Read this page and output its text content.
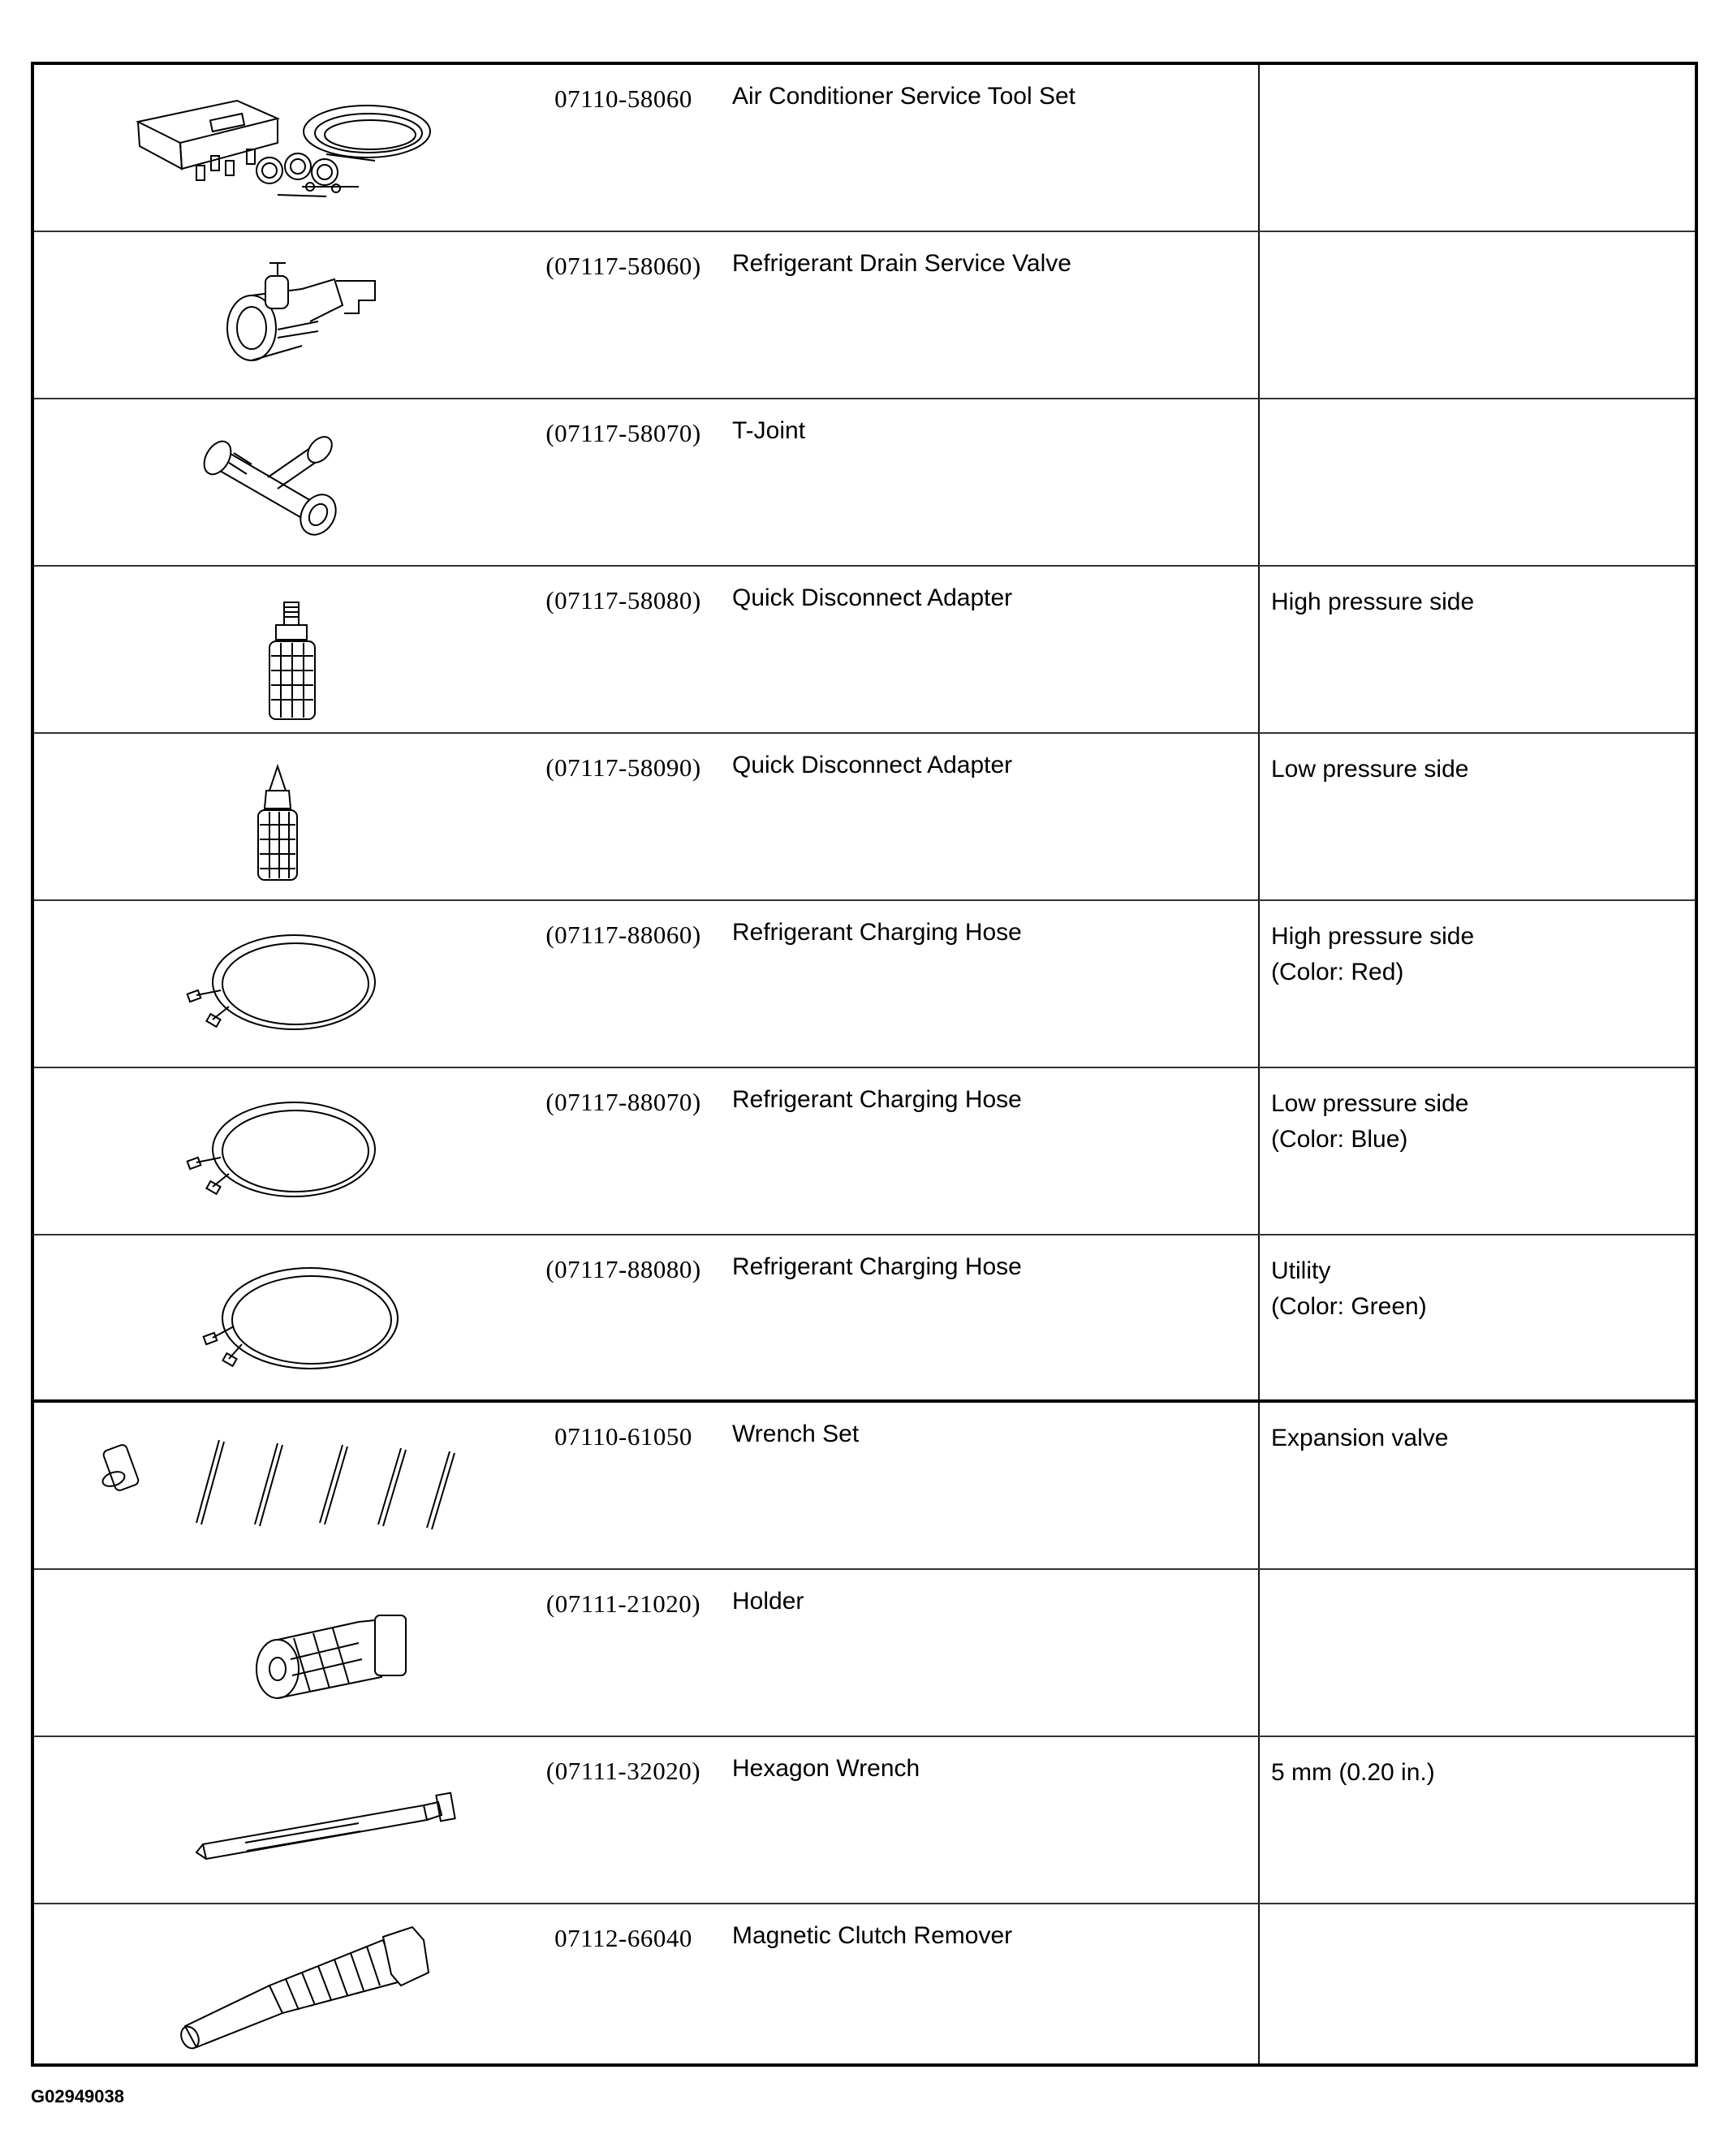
07110-58060	Air Conditioner Service Tool Set
(07117-58060)	Refrigerant Drain Service Valve
(07117-58070)	T-Joint
(07117-58080)	Quick Disconnect Adapter	High pressure side
(07117-58090)	Quick Disconnect Adapter	Low pressure side
(07117-88060)	Refrigerant Charging Hose	High pressure side
(Color: Red)
(07117-88070)	Refrigerant Charging Hose	Low pressure side
(Color: Blue)
(07117-88080)	Refrigerant Charging Hose	Utility
(Color: Green)
07110-61050	Wrench Set	Expansion valve
(07111-21020)	Holder
(07111-32020)	Hexagon Wrench	5 mm (0.20 in.)
07112-66040	Magnetic Clutch Remover
G02949038
